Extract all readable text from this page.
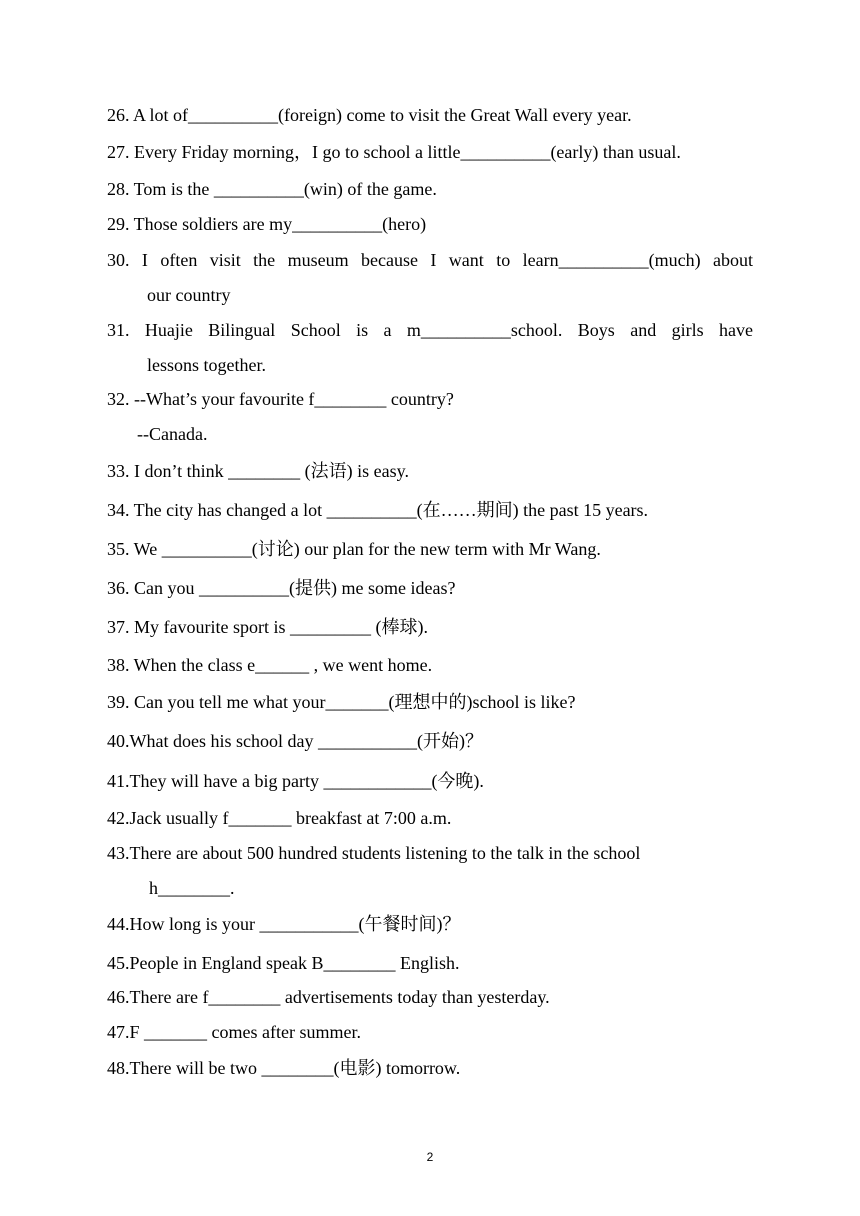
26. A lot of__________(foreign) come to visit the Great Wall every year.
27. Every Friday morning，I go to school a little__________(early) than usual.
28. Tom is the __________(win) of the game.
29. Those soldiers are my__________(hero)
30. I often visit the museum because I want to learn__________(much) about
our country
31. Huajie Bilingual School is a m__________school. Boys and girls have
lessons together.
32. --What’s your favourite f________ country?
--Canada.
33. I don’t think ________ (法语) is easy.
34. The city has changed a lot __________(在……期间) the past 15 years.
35. We __________(讨论) our plan for the new term with Mr Wang.
36. Can you __________(提供) me some ideas?
37. My favourite sport is _________ (棒球).
38. When the class e______ , we went home.
39. Can you tell me what your_______(理想中的)school is like?
40.What does his school day ___________(开始)？
41.They will have a big party ____________(今晚).
42.Jack usually f_______ breakfast at 7:00 a.m.
43.There are about 500 hundred students listening to the talk in the school
h________.
44.How long is your ___________(午餐时间)？
45.People in England speak B________ English.
46.There are f________ advertisements today than yesterday.
47.F _______ comes after summer.
48.There will be two ________(电影) tomorrow.
2
